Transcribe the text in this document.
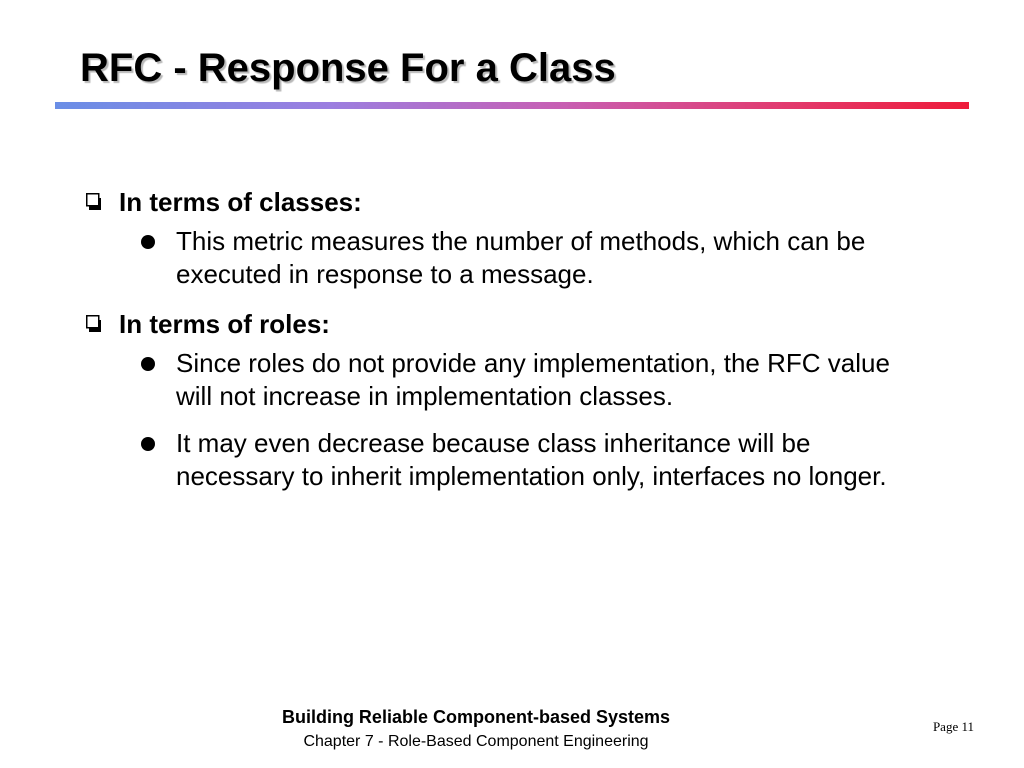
RFC - Response For a Class
In terms of classes:
This metric measures the number of methods, which can be executed in response to a message.
In terms of roles:
Since roles do not provide any implementation, the RFC value will not increase in implementation classes.
It may even decrease because class inheritance will be necessary to inherit implementation only, interfaces no longer.
Building Reliable Component-based Systems
Chapter 7 - Role-Based Component Engineering
Page 11
